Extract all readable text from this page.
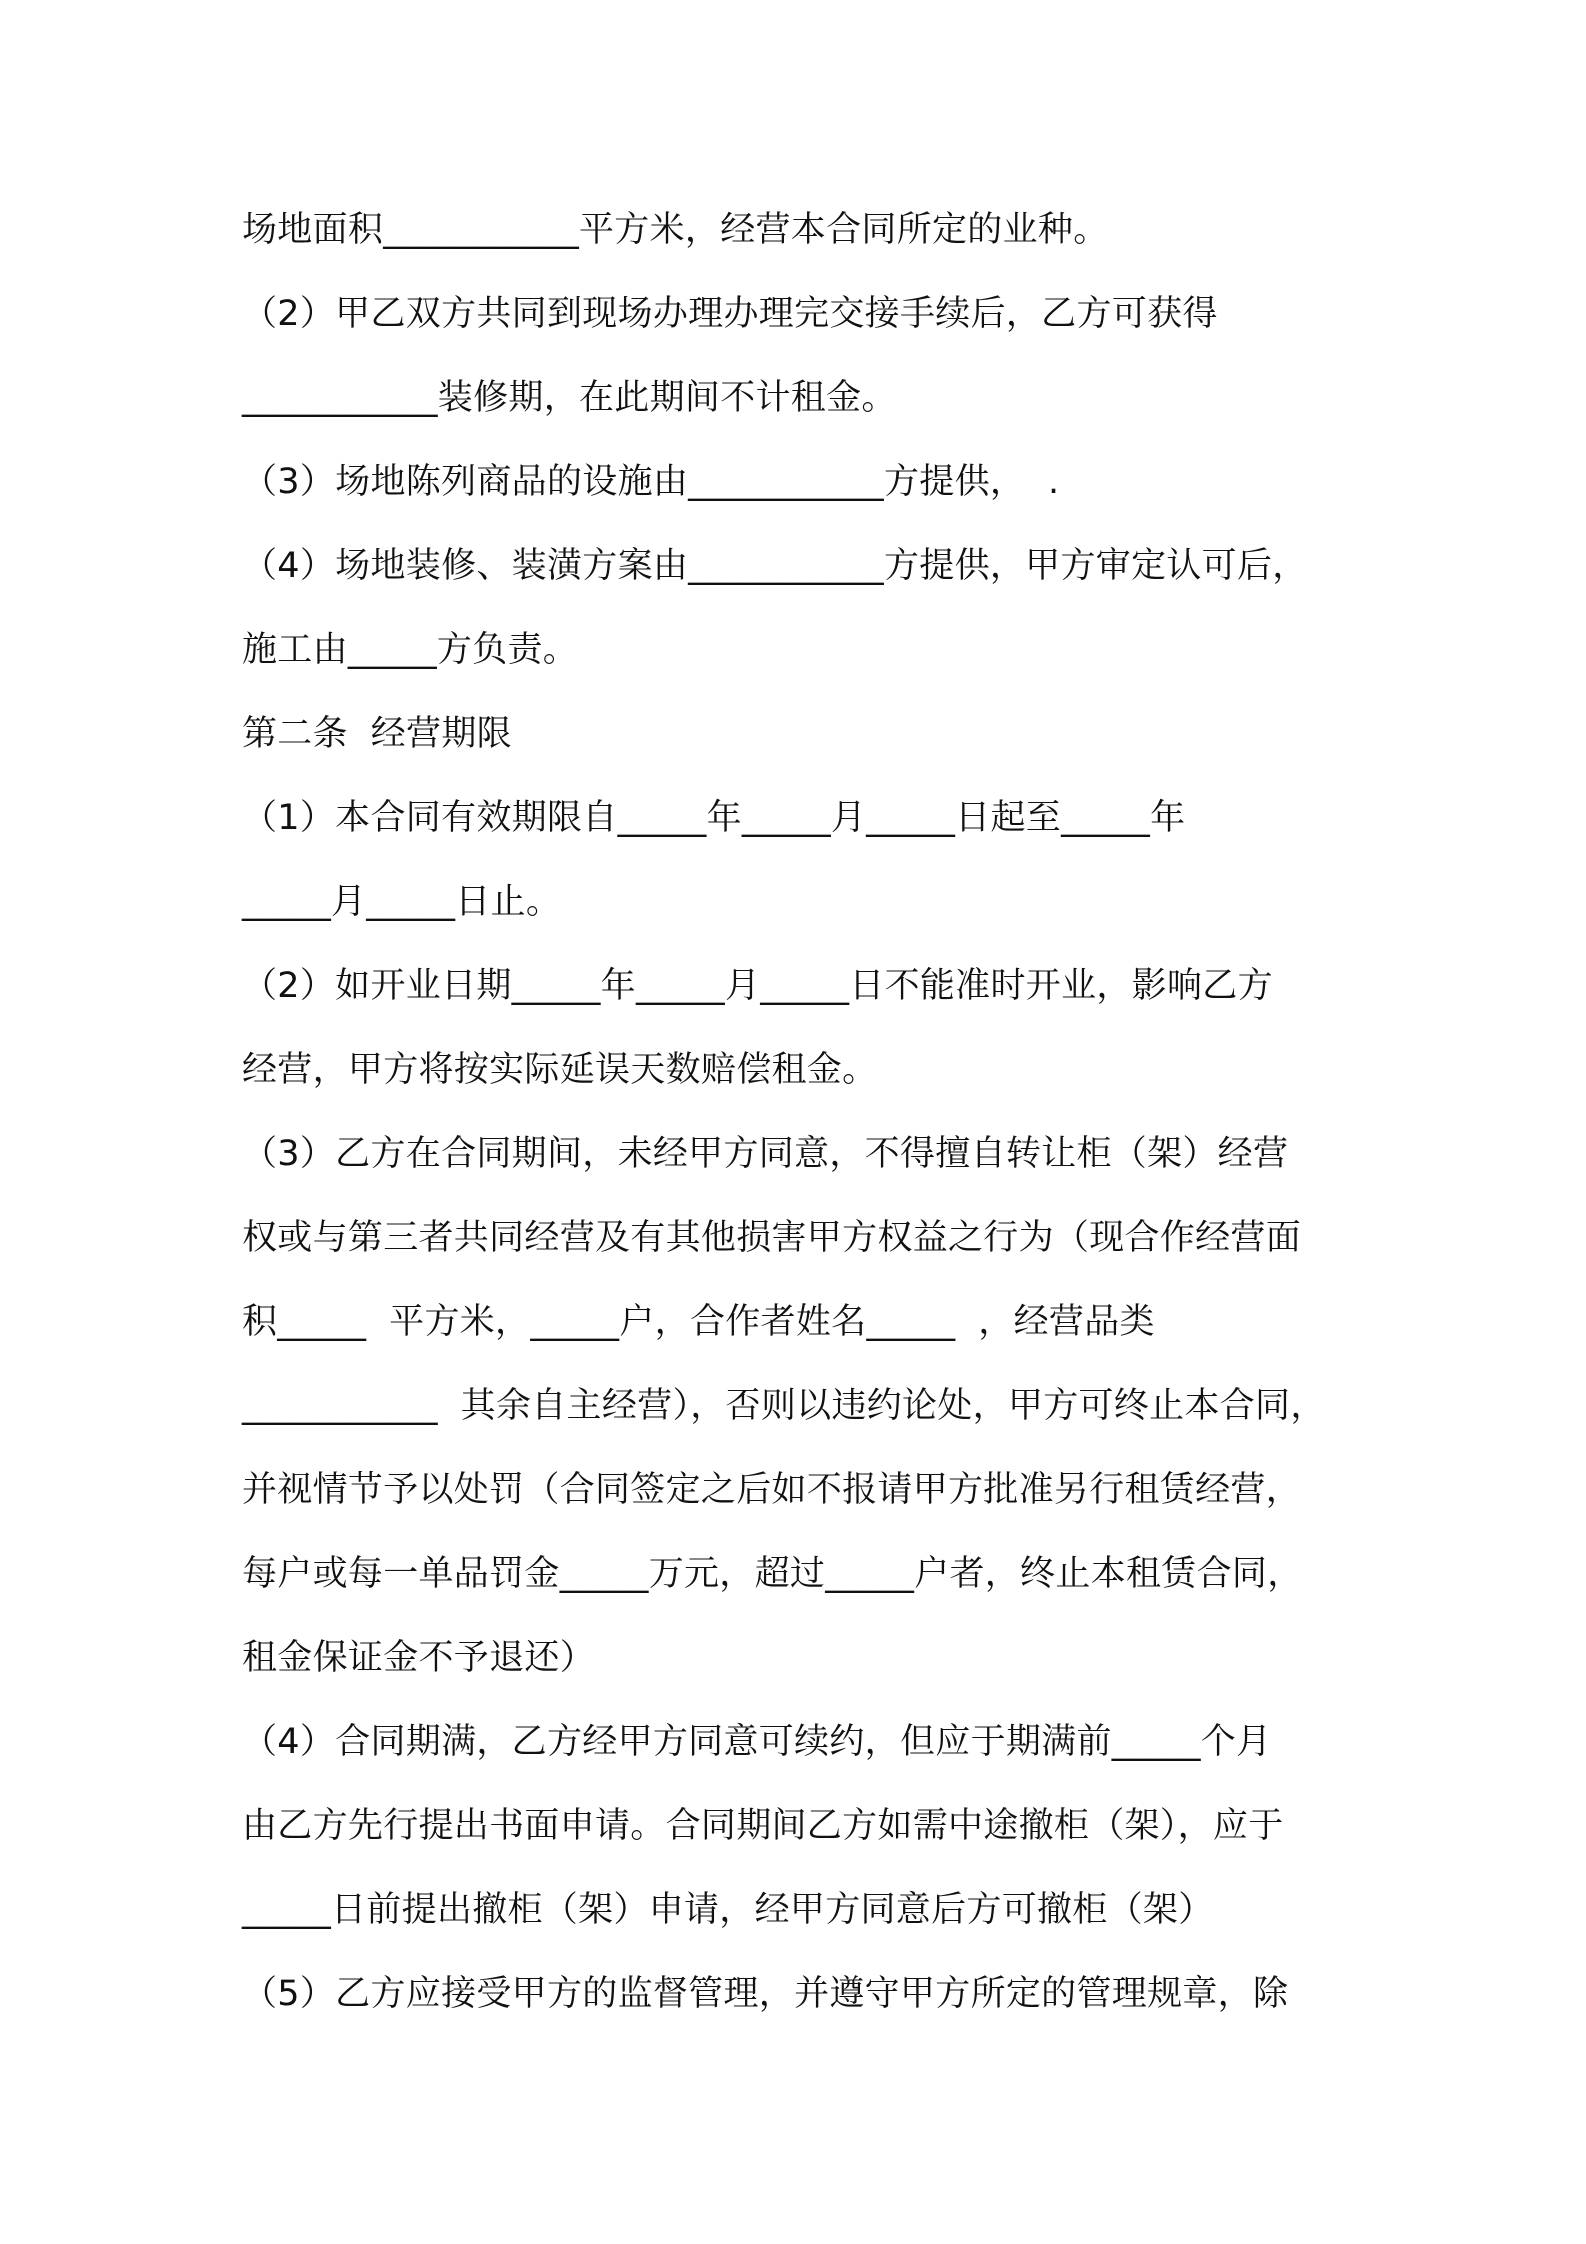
场地面积___________平方米，经营本合同所定的业种。
（2）甲乙双方共同到现场办理办理完交接手续后，乙方可获得
___________装修期，在此期间不计租金。
（3）场地陈列商品的设施由___________方提供，  .
（4）场地装修、装潢方案由___________方提供，甲方审定认可后，
施工由_____方负责。
第二条  经营期限
（1）本合同有效期限自_____年_____月_____日起至_____年
_____月_____日止。
（2）如开业日期_____年_____月_____日不能准时开业，影响乙方
经营，甲方将按实际延误天数赔偿租金。
（3）乙方在合同期间，未经甲方同意，不得擅自转让柜（架）经营
权或与第三者共同经营及有其他损害甲方权益之行为（现合作经营面
积_____  平方米，_____户，合作者姓名_____  ，经营品类
___________  其余自主经营），否则以违约论处，甲方可终止本合同，
并视情节予以处罚（合同签定之后如不报请甲方批准另行租赁经营，
每户或每一单品罚金_____万元，超过_____户者，终止本租赁合同，
租金保证金不予退还）
（4）合同期满，乙方经甲方同意可续约，但应于期满前_____个月
由乙方先行提出书面申请。合同期间乙方如需中途撤柜（架），应于
_____日前提出撤柜（架）申请，经甲方同意后方可撤柜（架）
（5）乙方应接受甲方的监督管理，并遵守甲方所定的管理规章，除
